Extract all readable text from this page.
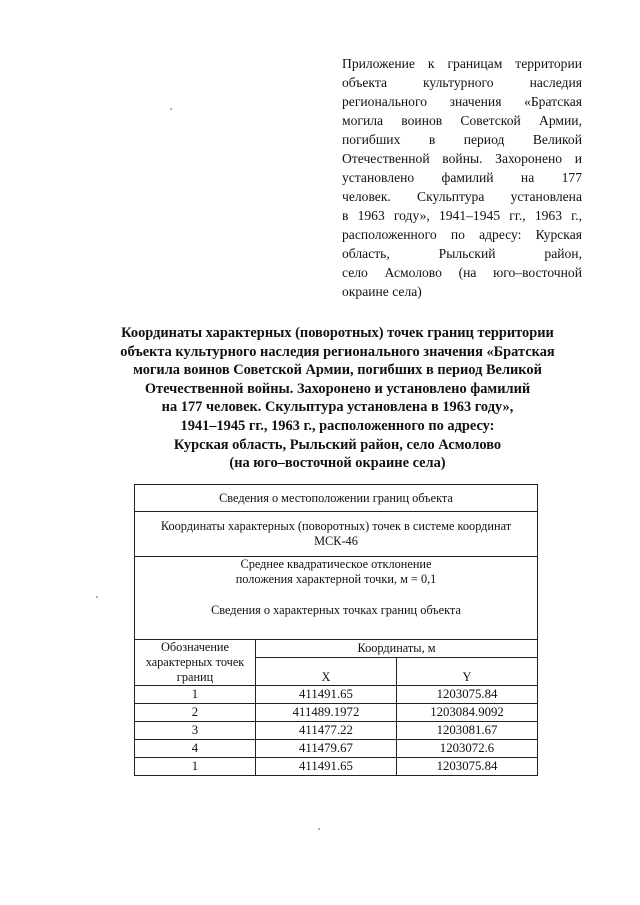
Приложение к границам территории
объекта культурного наследия
регионального значения «Братская
могила воинов Советской Армии,
погибших в период Великой
Отечественной войны. Захоронено и
установлено фамилий на 177
человек. Скульптура установлена
в 1963 году», 1941–1945 гг., 1963 г.,
расположенного по адресу: Курская
область, Рыльский район,
село Асмолово (на юго–восточной
окраине села)
Координаты характерных (поворотных) точек границ территории
объекта культурного наследия регионального значения «Братская
могила воинов Советской Армии, погибших в период Великой
Отечественной войны. Захоронено и установлено фамилий
на 177 человек. Скульптура установлена в 1963 году»,
1941–1945 гг., 1963 г., расположенного по адресу:
Курская область, Рыльский район, село Асмолово
(на юго–восточной окраине села)
Сведения о местоположении границ объекта		

Координаты характерных (поворотных) точек в системе координат
МСК-46		

Среднее квадратическое отклонение
положения характерной точки, м = 0,1
Сведения о характерных точках границ объекта		

Обозначение характерных точек границ	Координаты, м	
	X	Y
1	411491.65	1203075.84
2	411489.1972	1203084.9092
3	411477.22	1203081.67
4	411479.67	1203072.6
1	411491.65	1203075.84
